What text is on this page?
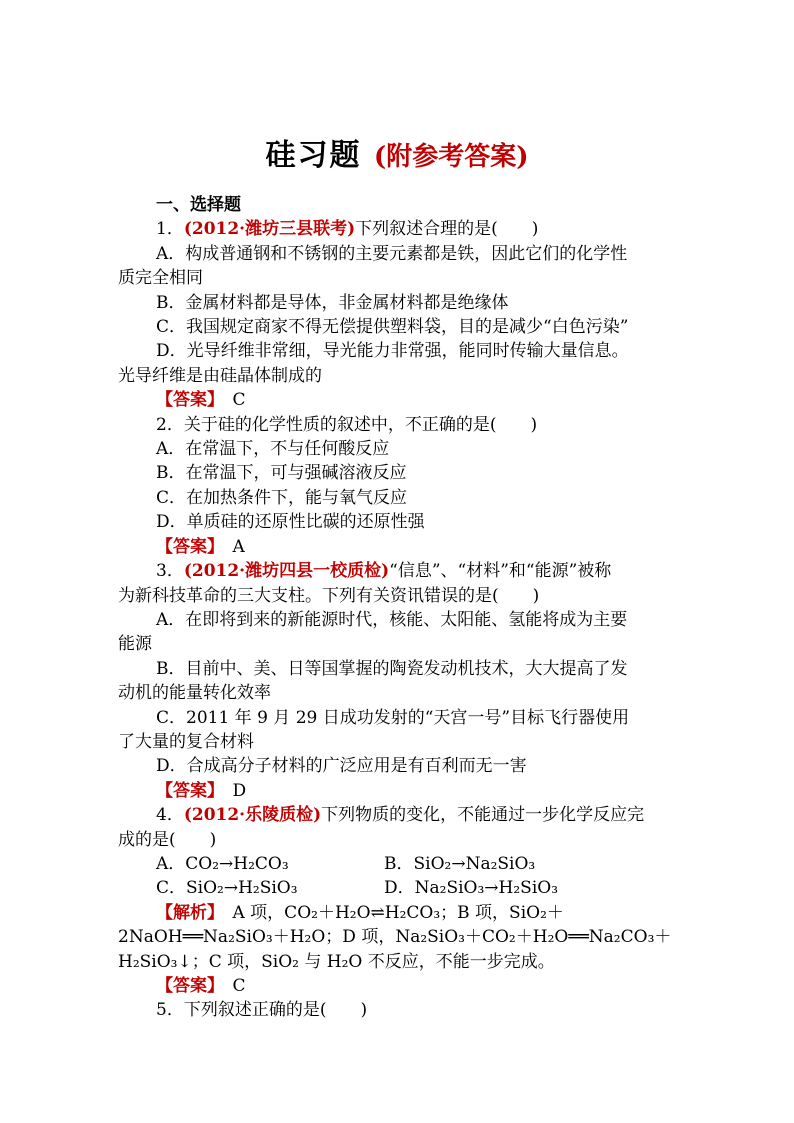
硅习题 (附参考答案)
一、选择题
1．(2012·潍坊三县联考)下列叙述合理的是(　　)
A．构成普通钢和不锈钢的主要元素都是铁，因此它们的化学性
质完全相同
B．金属材料都是导体，非金属材料都是绝缘体
C．我国规定商家不得无偿提供塑料袋，目的是减少“白色污染”
D．光导纤维非常细，导光能力非常强，能同时传输大量信息。
光导纤维是由硅晶体制成的
【答案】　 C
2．关于硅的化学性质的叙述中，不正确的是(　　)
A．在常温下，不与任何酸反应
B．在常温下，可与强碱溶液反应
C．在加热条件下，能与氧气反应
D．单质硅的还原性比碳的还原性强
【答案】　 A
3．(2012·潍坊四县一校质检)“信息”、“材料”和“能源”被称
为新科技革命的三大支柱。下列有关资讯错误的是(　　)
A．在即将到来的新能源时代，核能、太阳能、氢能将成为主要
能源
B．目前中、美、日等国掌握的陶瓷发动机技术，大大提高了发
动机的能量转化效率
C．2011 年 9 月 29 日成功发射的“天宫一号”目标飞行器使用
了大量的复合材料
D．合成高分子材料的广泛应用是有百利而无一害
【答案】　 D
4．(2012·乐陵质检)下列物质的变化，不能通过一步化学反应完
成的是(　　)
A．CO₂→H₂CO₃	B．SiO₂→Na₂SiO₃
C．SiO₂→H₂SiO₃	D．Na₂SiO₃→H₂SiO₃
【解析】　 A 项，CO₂＋H₂O⇌H₂CO₃；B 项，SiO₂＋
2NaOH══Na₂SiO₃＋H₂O；D 项，Na₂SiO₃＋CO₂＋H₂O══Na₂CO₃＋
H₂SiO₃↓；C 项，SiO₂ 与 H₂O 不反应，不能一步完成。
【答案】　 C
5．下列叙述正确的是(　　)
